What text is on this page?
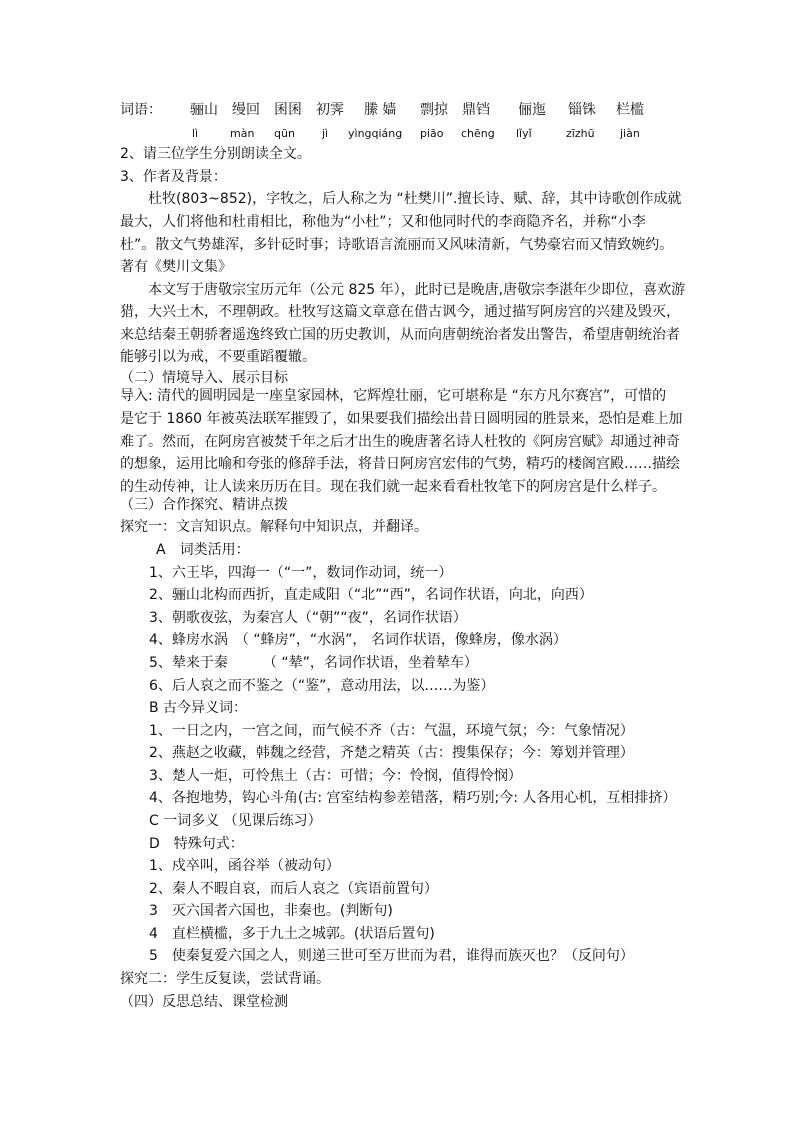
词语： 骊山 缦回 囷囷 初霁 縢 嫱 剽掠 鼎铛 俪迤 锱铢 栏槛
lì	màn qūn jì yìngqiáng piāo chēng lǐyǐ	zīzhū jiàn
2、请三位学生分别朗读全文。
3、作者及背景：
杜牧(803~852)，字牧之，后人称之为 “杜樊川”.擅长诗、赋、辞，其中诗歌创作成就
最大，人们将他和杜甫相比，称他为“小杜”；又和他同时代的李商隐齐名，并称“小李
杜”。散文气势雄浑，多针砭时事；诗歌语言流丽而又风味清新，气势豪宕而又情致婉约。
著有《樊川文集》
本文写于唐敬宗宝历元年（公元 825 年），此时已是晚唐,唐敬宗李湛年少即位，喜欢游
猎，大兴土木，不理朝政。杜牧写这篇文章意在借古讽今，通过描写阿房宫的兴建及毁灭，
来总结秦王朝骄奢遥逸终致亡国的历史教训，从而向唐朝统治者发出警告，希望唐朝统治者
能够引以为戒，不要重蹈覆辙。
（二）情境导入、展示目标
导入: 清代的圆明园是一座皇家园林，它辉煌壮丽，它可堪称是 “东方凡尔赛宫”，可惜的
是它于 1860 年被英法联军摧毁了，如果要我们描绘出昔日圆明园的胜景来，恐怕是难上加
难了。然而，在阿房宫被焚千年之后才出生的晚唐著名诗人杜牧的《阿房宫赋》却通过神奇
的想象，运用比喻和夸张的修辞手法，将昔日阿房宫宏伟的气势，精巧的楼阁宫殿……描绘
的生动传神，让人读来历历在目。现在我们就一起来看看杜牧笔下的阿房宫是什么样子。
（三）合作探究、精讲点拨
探究一：文言知识点。解释句中知识点，并翻译。
A　词类活用：
1、六王毕，四海一（“一”，数词作动词，统一）
2、骊山北构而西折，直走咸阳（“北”“西”，名词作状语，向北，向西）
3、朝歌夜弦，为秦宫人（“朝”“夜”，名词作状语）
4、蜂房水涡　（ “蜂房”，“水涡”， 名词作状语，像蜂房，像水涡）
5、辇来于秦　　　（ “辇”，名词作状语，坐着辇车）
6、后人哀之而不鉴之（“鉴”，意动用法，以……为鉴）
B 古今异义词：
1、一日之内，一宫之间，而气候不齐（古：气温，环境气氛；今：气象情况）
2、燕赵之收藏，韩魏之经营，齐楚之精英（古：搜集保存；今：筹划并管理）
3、楚人一炬，可怜焦土（古：可惜；今：怜悯，值得怜悯）
4、各抱地势，钩心斗角(古: 宫室结构参差错落，精巧别;今: 人各用心机，互相排挤）
C 一词多义 （见课后练习）
D　特殊句式：
1、戍卒叫，函谷举（被动句）
2、秦人不暇自哀，而后人哀之（宾语前置句）
3　灭六国者六国也，非秦也。(判断句)
4　直栏横槛，多于九土之城郭。(状语后置句)
5　使秦复爱六国之人，则递三世可至万世而为君，谁得而族灭也？（反问句）
探究二：学生反复读，尝试背诵。
（四）反思总结、课堂检测
